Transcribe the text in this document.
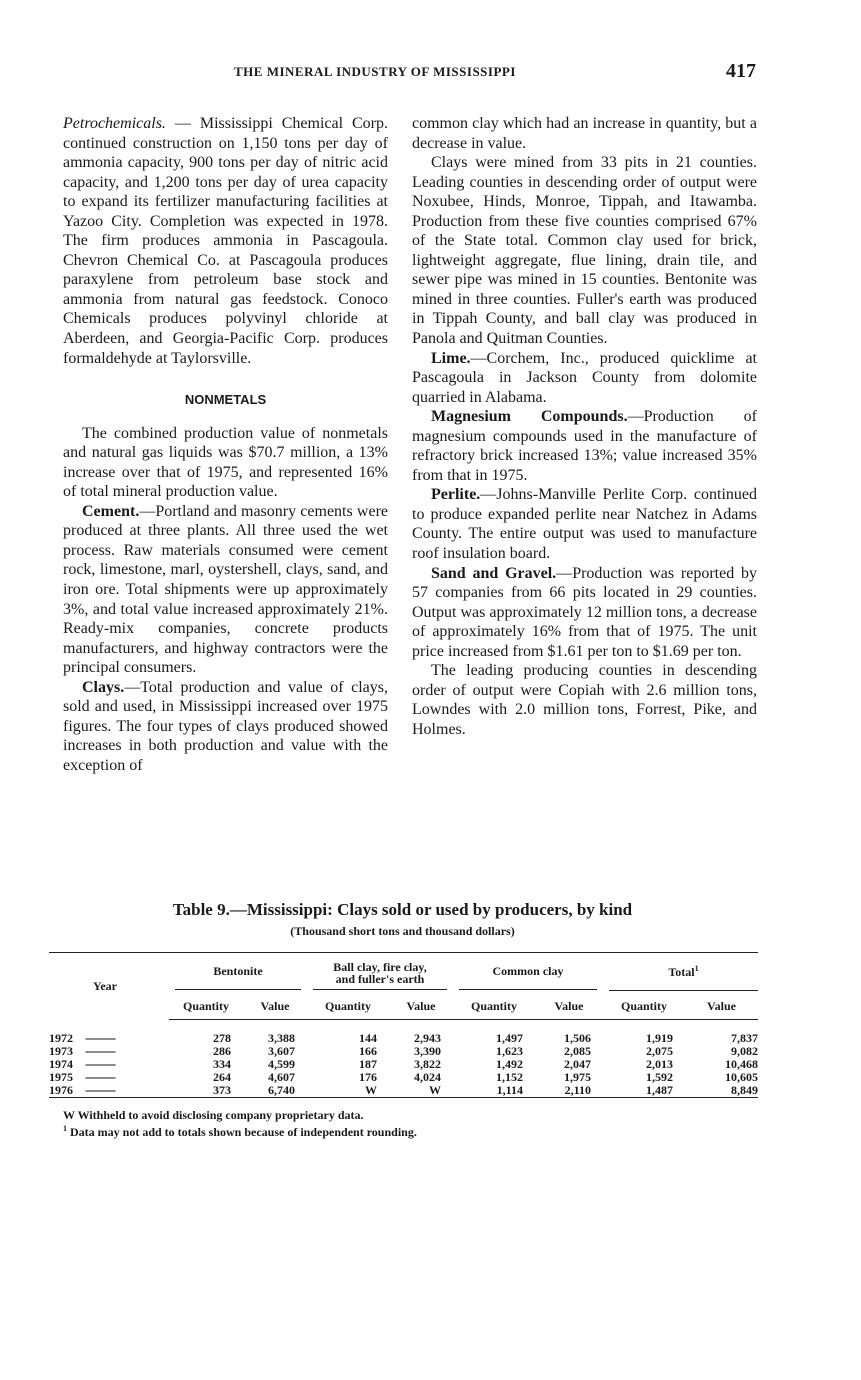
THE MINERAL INDUSTRY OF MISSISSIPPI	417

Petrochemicals. — Mississippi Chemical Corp. continued construction on 1,150 tons per day of ammonia capacity, 900 tons per day of nitric acid capacity, and 1,200 tons per day of urea capacity to expand its fertilizer manufacturing facilities at Yazoo City. Completion was expected in 1978. The firm produces ammonia in Pascagoula. Chevron Chemical Co. at Pascagoula produces paraxylene from petroleum base stock and ammonia from natural gas feedstock. Conoco Chemicals produces polyvinyl chloride at Aberdeen, and Georgia-Pacific Corp. produces formaldehyde at Taylorsville.

NONMETALS

The combined production value of nonmetals and natural gas liquids was $70.7 million, a 13% increase over that of 1975, and represented 16% of total mineral production value.

Cement.—Portland and masonry cements were produced at three plants. All three used the wet process. Raw materials consumed were cement rock, limestone, marl, oystershell, clays, sand, and iron ore. Total shipments were up approximately 3%, and total value increased approximately 21%. Ready-mix companies, concrete products manufacturers, and highway contractors were the principal consumers.

Clays.—Total production and value of clays, sold and used, in Mississippi increased over 1975 figures. The four types of clays produced showed increases in both production and value with the exception of

common clay which had an increase in quantity, but a decrease in value.

Clays were mined from 33 pits in 21 counties. Leading counties in descending order of output were Noxubee, Hinds, Monroe, Tippah, and Itawamba. Production from these five counties comprised 67% of the State total. Common clay used for brick, lightweight aggregate, flue lining, drain tile, and sewer pipe was mined in 15 counties. Bentonite was mined in three counties. Fuller's earth was produced in Tippah County, and ball clay was produced in Panola and Quitman Counties.

Lime.—Corchem, Inc., produced quicklime at Pascagoula in Jackson County from dolomite quarried in Alabama.

Magnesium Compounds.—Production of magnesium compounds used in the manufacture of refractory brick increased 13%; value increased 35% from that in 1975.

Perlite.—Johns-Manville Perlite Corp. continued to produce expanded perlite near Natchez in Adams County. The entire output was used to manufacture roof insulation board.

Sand and Gravel.—Production was reported by 57 companies from 66 pits located in 29 counties. Output was approximately 12 million tons, a decrease of approximately 16% from that of 1975. The unit price increased from $1.61 per ton to $1.69 per ton.

The leading producing counties in descending order of output were Copiah with 2.6 million tons, Lowndes with 2.0 million tons, Forrest, Pike, and Holmes.

Table 9.—Mississippi: Clays sold or used by producers, by kind
(Thousand short tons and thousand dollars)
Year	Bentonite		Ball clay, fire clay,
and fuller's earth		Common clay		Total$^1$

	Quantity	Value	Quantity	Value	Quantity	Value	Quantity	Value

1972 ----------	278	3,388	144	2,943	1,497	1,506	1,919	7,837
1973 ----------	286	3,607	166	3,390	1,623	2,085	2,075	9,082
1974 ----------	334	4,599	187	3,822	1,492	2,047	2,013	10,468
1975 ----------	264	4,607	176	4,024	1,152	1,975	1,592	10,605
1976 ----------	373	6,740	W	W	1,114	2,110	1,487	8,849

W Withheld to avoid disclosing company proprietary data.

$^1$ Data may not add to totals shown because of independent rounding.
